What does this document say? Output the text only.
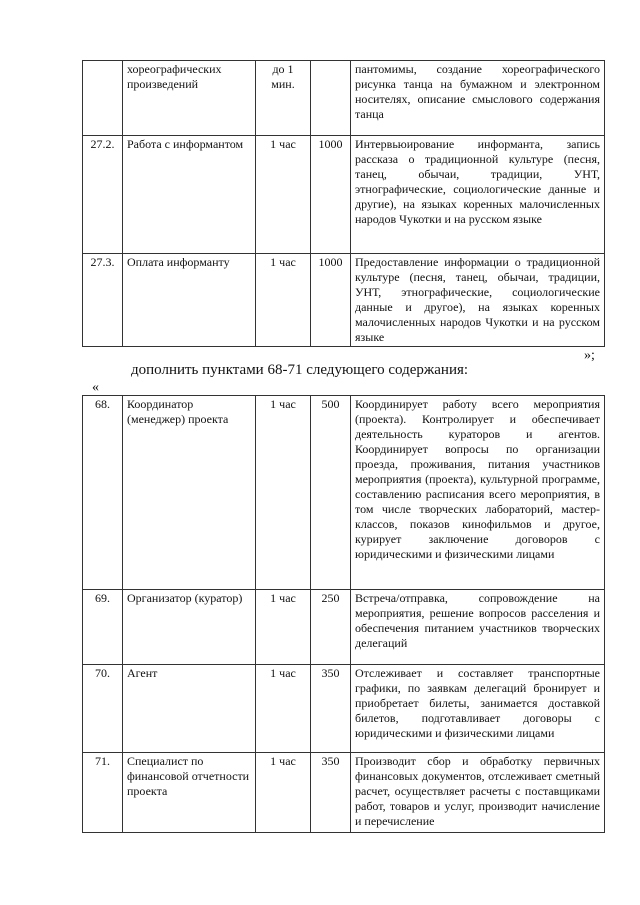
	хореографических произведений	до 1 мин.		пантомимы, создание хореографического рисунка танца на бумажном и электронном носителях, описание смыслового содержания танца
27.2.	Работа с информантом	1 час	1000	Интервьюирование информанта, запись рассказа о традиционной культуре (песня, танец, обычаи, традиции, УНТ, этнографические, социологические данные и другие), на языках коренных малочисленных народов Чукотки и на русском языке
27.3.	Оплата информанту	1 час	1000	Предоставление информации о традиционной культуре (песня, танец, обычаи, традиции, УНТ, этнографические, социологические данные и другое), на языках коренных малочисленных народов Чукотки и на русском языке
»;
дополнить пунктами 68-71 следующего содержания:
«
68.	Координатор (менеджер) проекта	1 час	500	Координирует работу всего мероприятия (проекта). Контролирует и обеспечивает деятельность кураторов и агентов. Координирует вопросы по организации проезда, проживания, питания участников мероприятия (проекта), культурной программе, составлению расписания всего мероприятия, в том числе творческих лабораторий, мастер-классов, показов кинофильмов и другое, курирует заключение договоров с юридическими и физическими лицами
69.	Организатор (куратор)	1 час	250	Встреча/отправка, сопровождение на мероприятия, решение вопросов расселения и обеспечения питанием участников творческих делегаций
70.	Агент	1 час	350	Отслеживает и составляет транспортные графики, по заявкам делегаций бронирует и приобретает билеты, занимается доставкой билетов, подготавливает договоры с юридическими и физическими лицами
71.	Специалист по финансовой отчетности проекта	1 час	350	Производит сбор и обработку первичных финансовых документов, отслеживает сметный расчет, осуществляет расчеты с поставщиками работ, товаров и услуг, производит начисление и перечисление
